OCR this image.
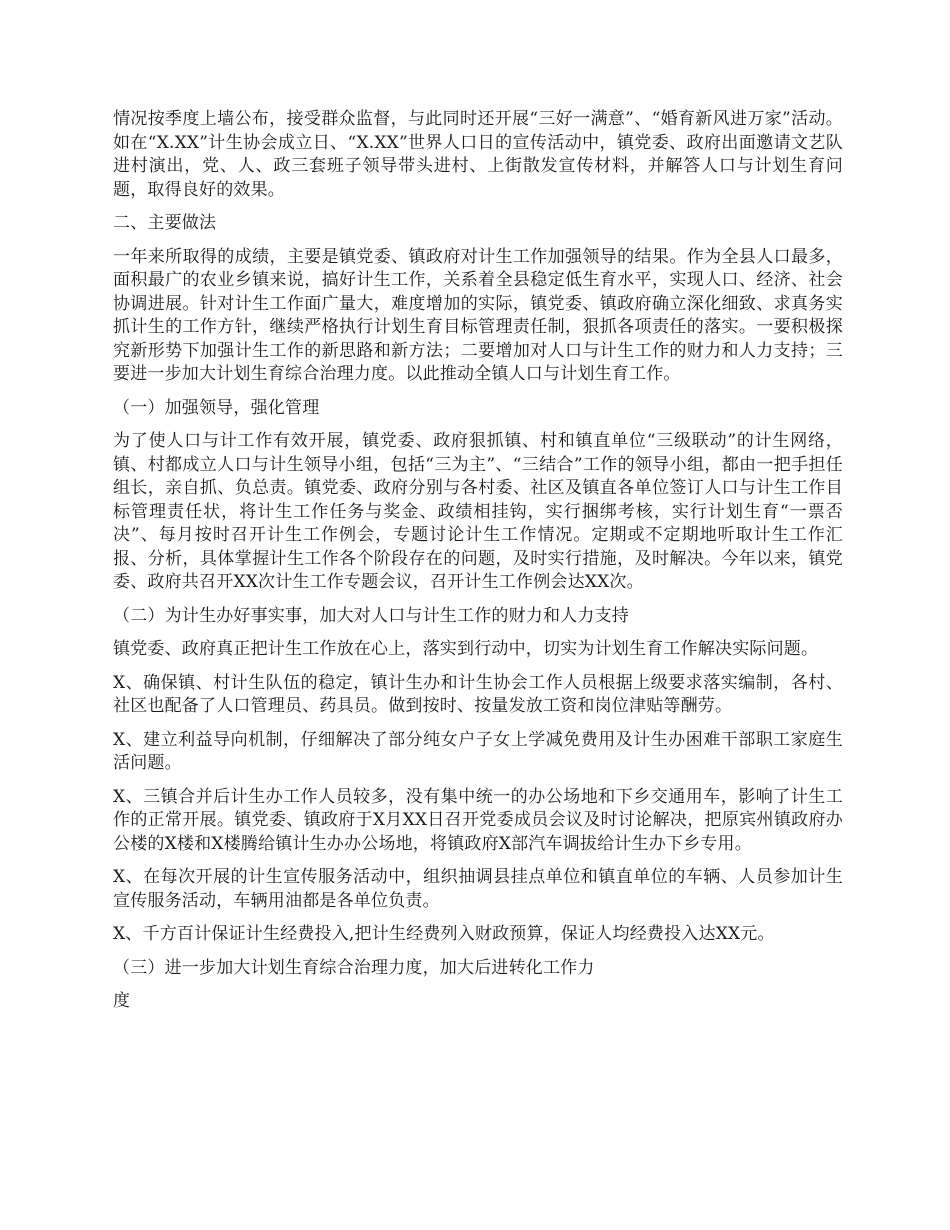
情况按季度上墙公布，接受群众监督，与此同时还开展“三好一满意”、“婚育新风进万家”活动。如在“X.XX”计生协会成立日、“X.XX”世界人口日的宣传活动中，镇党委、政府出面邀请文艺队进村演出，党、人、政三套班子领导带头进村、上街散发宣传材料，并解答人口与计划生育问题，取得良好的效果。

二、主要做法

一年来所取得的成绩，主要是镇党委、镇政府对计生工作加强领导的结果。作为全县人口最多，面积最广的农业乡镇来说，搞好计生工作，关系着全县稳定低生育水平，实现人口、经济、社会协调进展。针对计生工作面广量大，难度增加的实际，镇党委、镇政府确立深化细致、求真务实抓计生的工作方针，继续严格执行计划生育目标管理责任制，狠抓各项责任的落实。一要积极探究新形势下加强计生工作的新思路和新方法；二要增加对人口与计生工作的财力和人力支持；三要进一步加大计划生育综合治理力度。以此推动全镇人口与计划生育工作。

（一）加强领导，强化管理

为了使人口与计工作有效开展，镇党委、政府狠抓镇、村和镇直单位“三级联动”的计生网络，镇、村都成立人口与计生领导小组，包括“三为主”、“三结合”工作的领导小组，都由一把手担任组长，亲自抓、负总责。镇党委、政府分别与各村委、社区及镇直各单位签订人口与计生工作目标管理责任状，将计生工作任务与奖金、政绩相挂钩，实行捆绑考核，实行计划生育“一票否决”、每月按时召开计生工作例会，专题讨论计生工作情况。定期或不定期地听取计生工作汇报、分析，具体掌握计生工作各个阶段存在的问题，及时实行措施，及时解决。今年以来，镇党委、政府共召开XX次计生工作专题会议，召开计生工作例会达XX次。

（二）为计生办好事实事，加大对人口与计生工作的财力和人力支持

镇党委、政府真正把计生工作放在心上，落实到行动中，切实为计划生育工作解决实际问题。

X、确保镇、村计生队伍的稳定，镇计生办和计生协会工作人员根据上级要求落实编制，各村、社区也配备了人口管理员、药具员。做到按时、按量发放工资和岗位津贴等酬劳。

X、建立利益导向机制，仔细解决了部分纯女户子女上学减免费用及计生办困难干部职工家庭生活问题。

X、三镇合并后计生办工作人员较多，没有集中统一的办公场地和下乡交通用车，影响了计生工作的正常开展。镇党委、镇政府于X月XX日召开党委成员会议及时讨论解决，把原宾州镇政府办公楼的X楼和X楼腾给镇计生办办公场地，将镇政府X部汽车调拔给计生办下乡专用。

X、在每次开展的计生宣传服务活动中，组织抽调县挂点单位和镇直单位的车辆、人员参加计生宣传服务活动，车辆用油都是各单位负责。

X、千方百计保证计生经费投入,把计生经费列入财政预算，保证人均经费投入达XX元。

（三）进一步加大计划生育综合治理力度，加大后进转化工作力

度
